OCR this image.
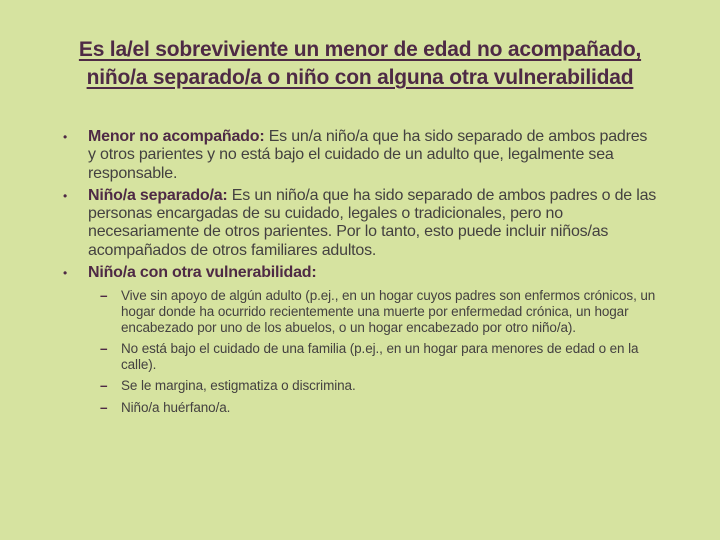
Es la/el sobreviviente un menor de edad no acompañado,
niño/a separado/a o niño con alguna otra vulnerabilidad
•	Menor no acompañado: Es un/a niño/a que ha sido separado de ambos padres y otros parientes y no está bajo el cuidado de un adulto que, legalmente sea responsable.
•	Niño/a separado/a: Es un niño/a que ha sido separado de ambos padres o de las personas encargadas de su cuidado, legales o tradicionales, pero no necesariamente de otros parientes. Por lo tanto, esto puede incluir niños/as acompañados de otros familiares adultos.
•	Niño/a con otra vulnerabilidad:
–	Vive sin apoyo de algún adulto (p.ej., en un hogar cuyos padres son enfermos crónicos, un hogar donde ha ocurrido recientemente una muerte por enfermedad crónica, un hogar encabezado por uno de los abuelos, o un hogar encabezado por otro niño/a).
–	No está bajo el cuidado de una familia (p.ej., en un hogar para menores de edad o en la calle).
–	Se le margina, estigmatiza o discrimina.
–	Niño/a huérfano/a.
